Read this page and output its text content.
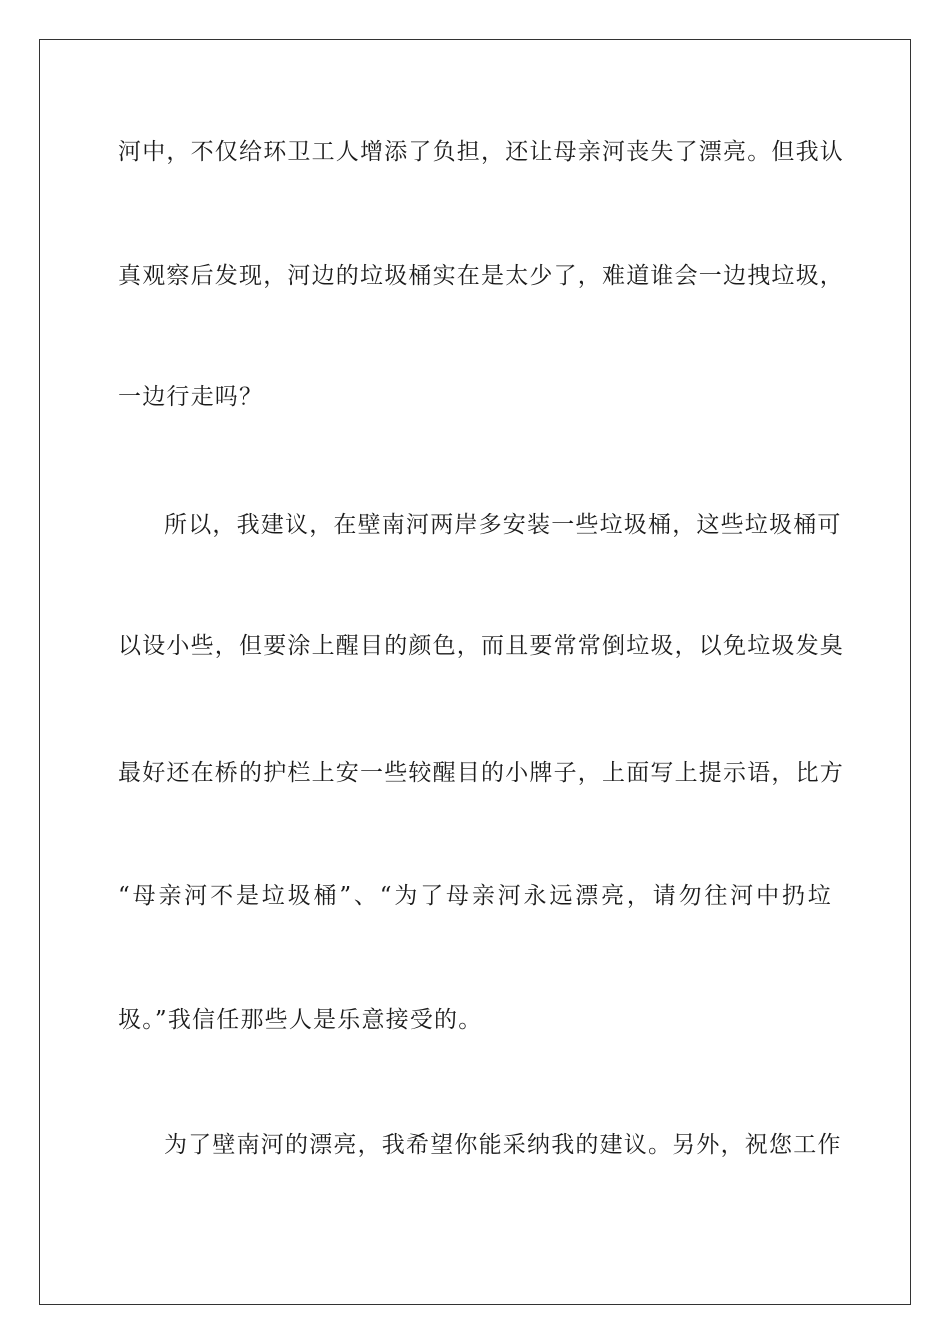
河中，不仅给环卫工人增添了负担，还让母亲河丧失了漂亮。但我认
真观察后发现，河边的垃圾桶实在是太少了，难道谁会一边拽垃圾，
一边行走吗？
所以，我建议，在壁南河两岸多安装一些垃圾桶，这些垃圾桶可
以设小些，但要涂上醒目的颜色，而且要常常倒垃圾，以免垃圾发臭
最好还在桥的护栏上安一些较醒目的小牌子，上面写上提示语，比方
“母亲河不是垃圾桶”、“为了母亲河永远漂亮，请勿往河中扔垃
圾。”我信任那些人是乐意接受的。
为了壁南河的漂亮，我希望你能采纳我的建议。另外，祝您工作
